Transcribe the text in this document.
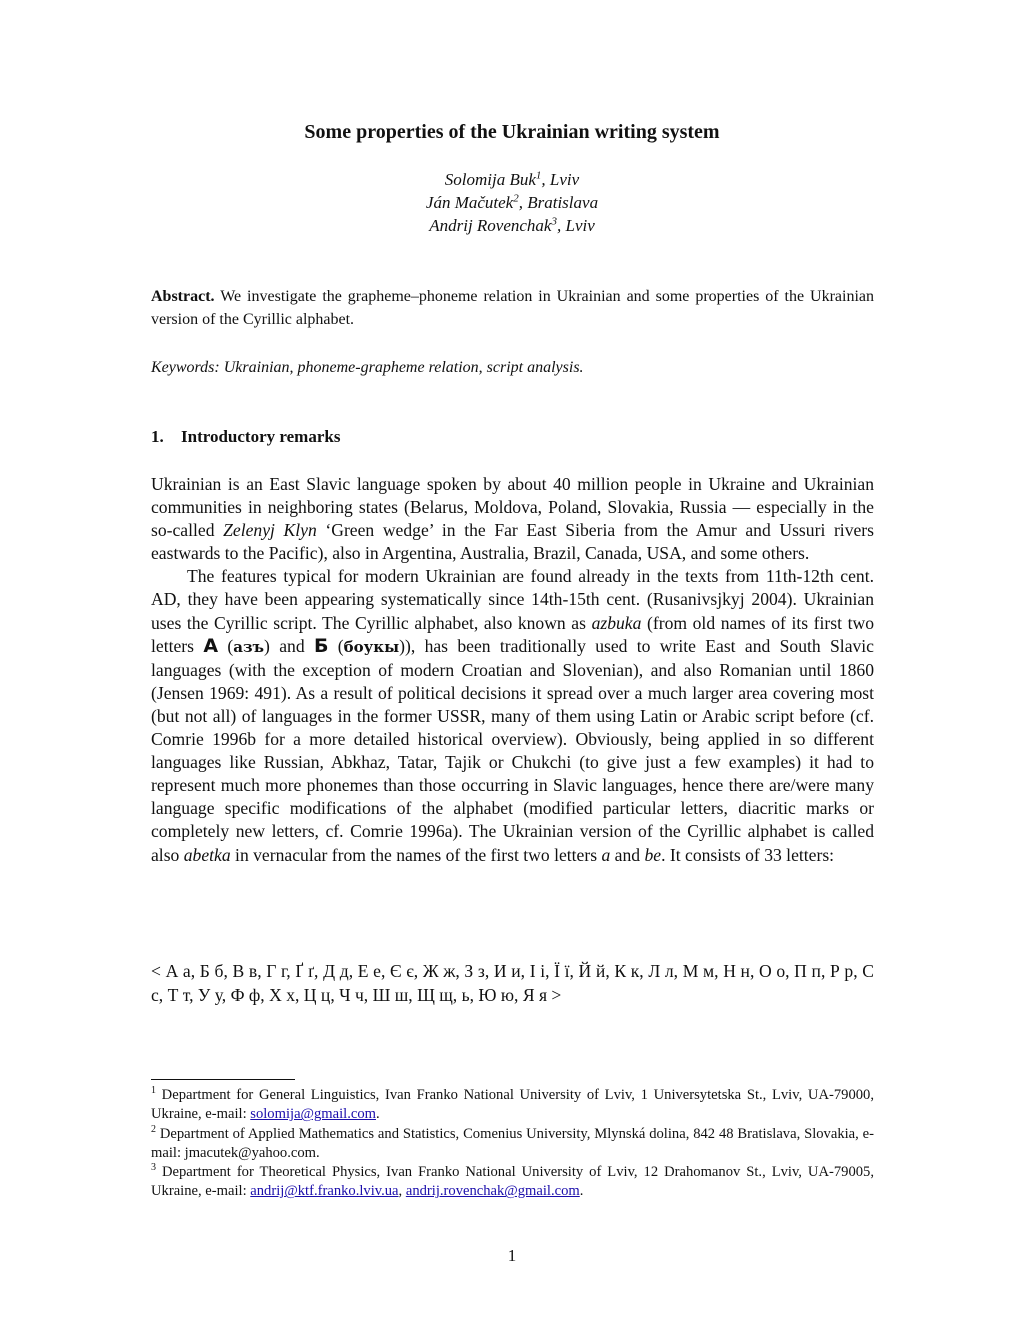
Some properties of the Ukrainian writing system
Solomija Buk$^1$, Lviv
Ján Mačutek$^2$, Bratislava
Andrij Rovenchak$^3$, Lviv
Abstract. We investigate the grapheme–phoneme relation in Ukrainian and some properties of the Ukrainian version of the Cyrillic alphabet.
Keywords: Ukrainian, phoneme-grapheme relation, script analysis.
1. Introductory remarks

Ukrainian is an East Slavic language spoken by about 40 million people in Ukraine and Ukrainian communities in neighboring states (Belarus, Moldova, Poland, Slovakia, Russia — especially in the so-called Zelenyj Klyn ‘Green wedge’ in the Far East Siberia from the Amur and Ussuri rivers eastwards to the Pacific), also in Argentina, Australia, Brazil, Canada, USA, and some others.

The features typical for modern Ukrainian are found already in the texts from 11th-12th cent. AD, they have been appearing systematically since 14th-15th cent. (Rusanivsjkyj 2004). Ukrainian uses the Cyrillic script. The Cyrillic alphabet, also known as azbuka (from old names of its first two letters А (азъ) and Б (боукы)), has been traditionally used to write East and South Slavic languages (with the exception of modern Croatian and Slovenian), and also Romanian until 1860 (Jensen 1969: 491). As a result of political decisions it spread over a much larger area covering most (but not all) of languages in the former USSR, many of them using Latin or Arabic script before (cf. Comrie 1996b for a more detailed historical overview). Obviously, being applied in so different languages like Russian, Abkhaz, Tatar, Tajik or Chukchi (to give just a few examples) it had to represent much more phonemes than those occurring in Slavic languages, hence there are/were many language specific modifications of the alphabet (modified particular letters, diacritic marks or completely new letters, cf. Comrie 1996a). The Ukrainian version of the Cyrillic alphabet is called also abetka in vernacular from the names of the first two letters a and be. It consists of 33 letters:

< А а, Б б, В в, Г г, Ґ ґ, Д д, Е е, Є є, Ж ж, З з, И и, І і, Ї ї, Й й, К к, Л л, М м, Н н, О о, П п, Р р, С с, Т т, У у, Ф ф, Х х, Ц ц, Ч ч, Ш ш, Щ щ, ь, Ю ю, Я я >

$^1$ Department for General Linguistics, Ivan Franko National University of Lviv, 1 Universytetska St., Lviv, UA-79000, Ukraine, e-mail: solomija@gmail.com.

$^2$ Department of Applied Mathematics and Statistics, Comenius University, Mlynská dolina, 842 48 Bratislava, Slovakia, e-mail: jmacutek@yahoo.com.

$^3$ Department for Theoretical Physics, Ivan Franko National University of Lviv, 12 Drahomanov St., Lviv, UA-79005, Ukraine, e-mail: andrij@ktf.franko.lviv.ua, andrij.rovenchak@gmail.com.

1
